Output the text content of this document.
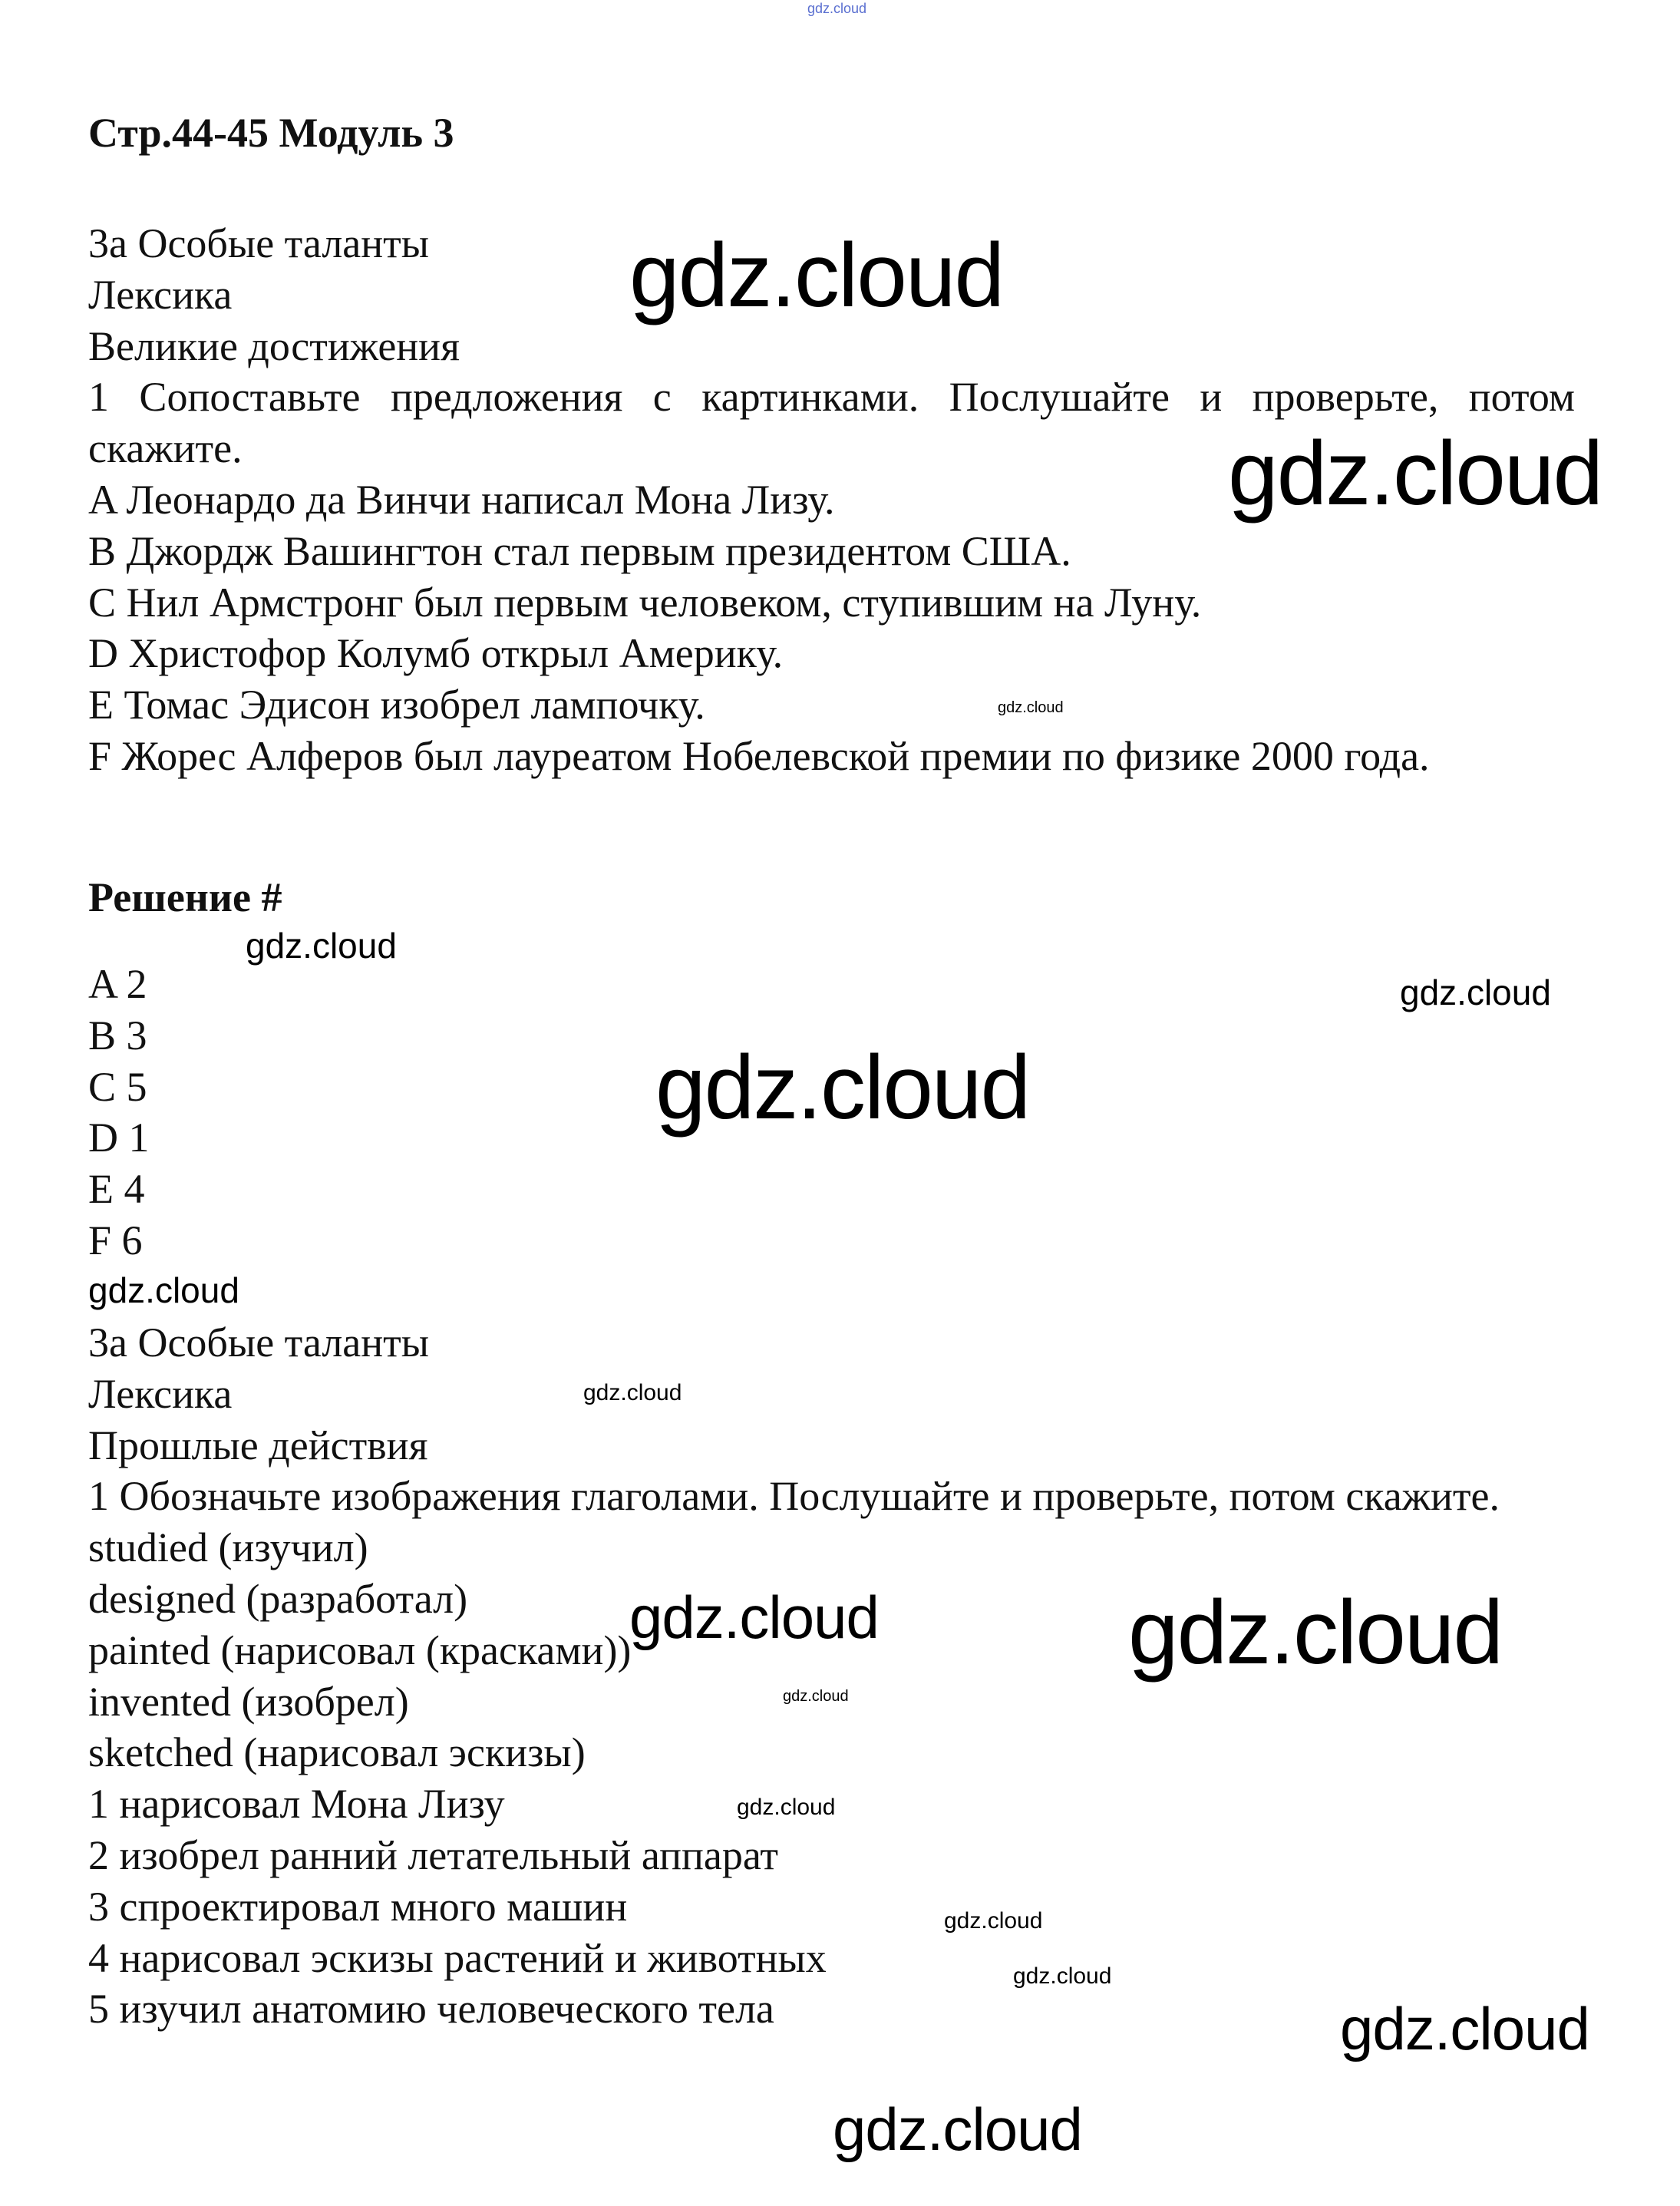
Стр.44-45 Модуль 3
3a Особые таланты
Лексика
Великие достижения
1 Сопоставьте предложения с картинками. Послушайте и проверьте, потом скажите.
A Леонардо да Винчи написал Мона Лизу.
B Джордж Вашингтон стал первым президентом США.
C Нил Армстронг был первым человеком, ступившим на Луну.
D Христофор Колумб открыл Америку.
E Томас Эдисон изобрел лампочку.
F Жорес Алферов был лауреатом Нобелевской премии по физике 2000 года.
Решение #
A 2
B 3
C 5
D 1
E 4
F 6
3a Особые таланты
Лексика
Прошлые действия
1 Обозначьте изображения глаголами. Послушайте и проверьте, потом скажите.
studied (изучил)
designed (разработал)
painted (нарисовал (красками))
invented (изобрел)
sketched (нарисовал эскизы)
1 нарисовал Мона Лизу
2 изобрел ранний летательный аппарат
3 спроектировал много машин
4 нарисовал эскизы растений и животных
5 изучил анатомию человеческого тела
gdz.cloud
gdz.cloud
gdz.cloud
gdz.cloud
gdz.cloud
gdz.cloud
gdz.cloud
gdz.cloud
gdz.cloud
gdz.cloud	gdz.cloud
gdz.cloud
gdz.cloud
gdz.cloud
gdz.cloud
gdz.cloud
gdz.cloud
